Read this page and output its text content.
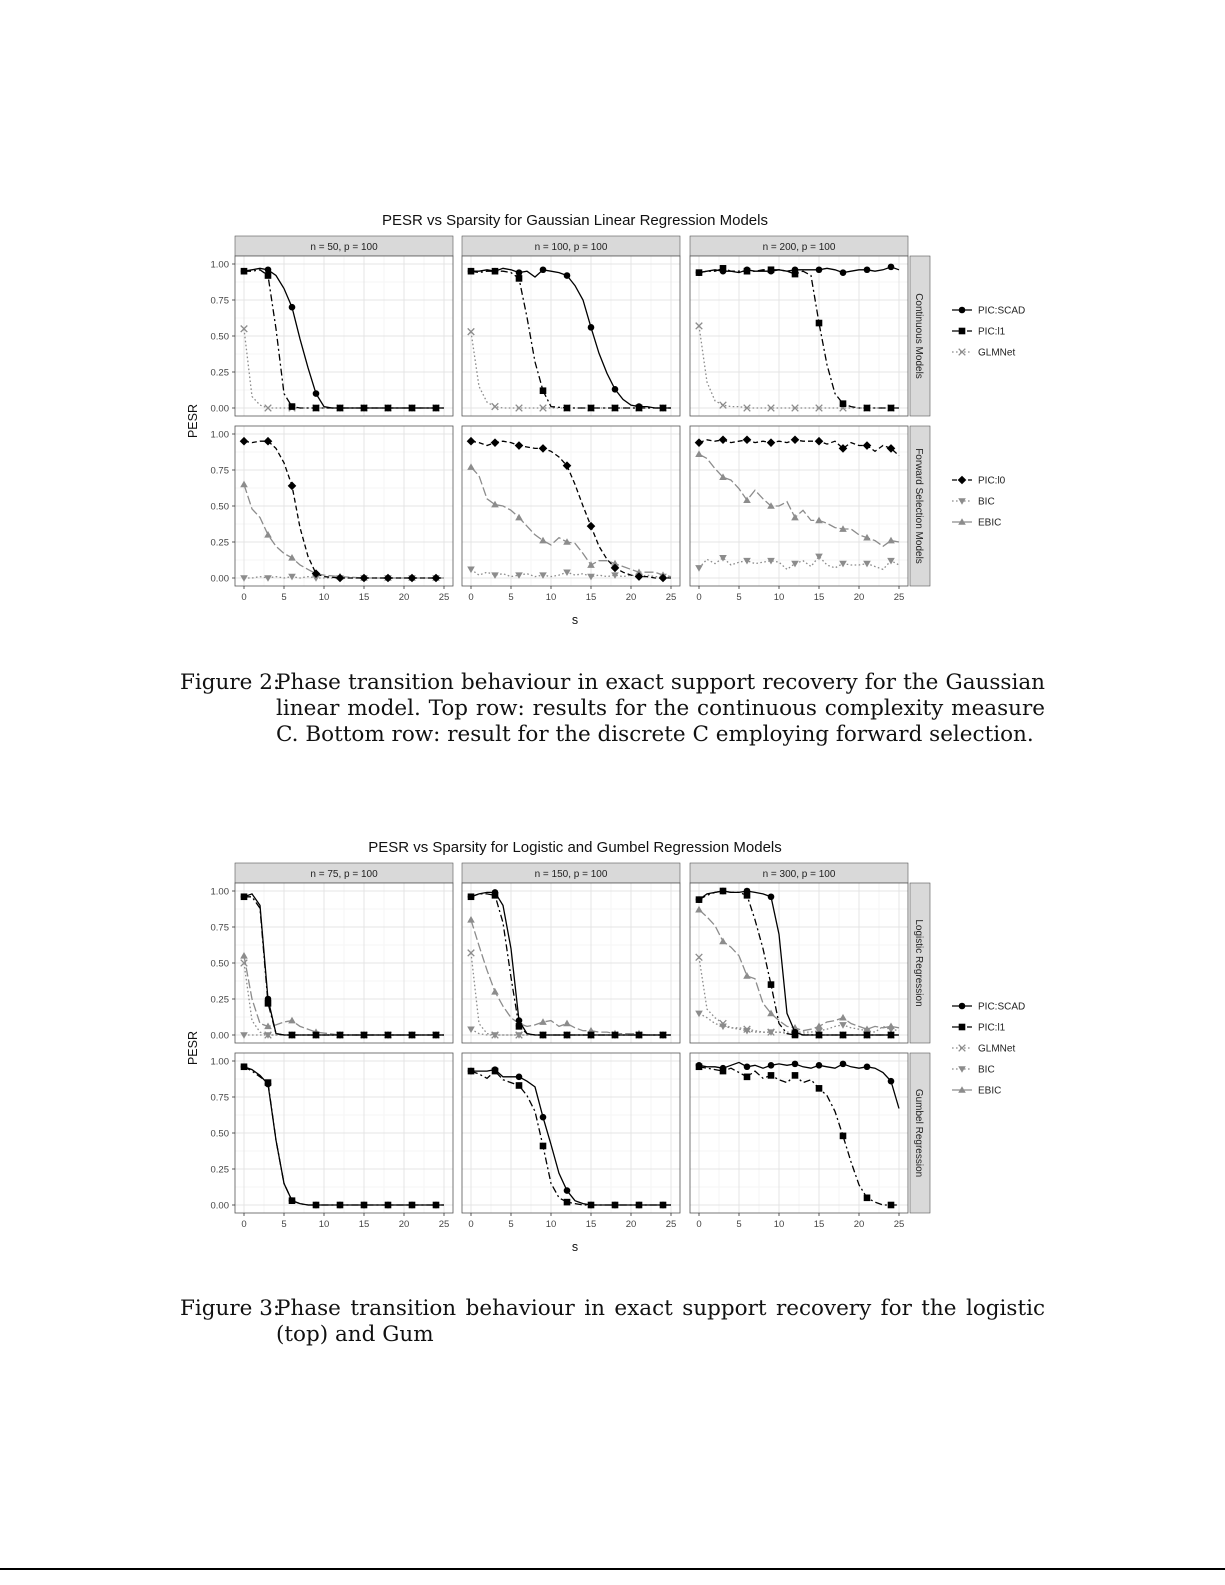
PESR vs Sparsity for Gaussian Linear Regression Models
n = 50, p = 100	n = 100, p = 100	n = 200, p = 100
Continuous Models
Forward Selection Models
PESR
s
0.00
0.25
0.50
0.75
1.00
0.00
0.25
0.50
0.75
1.00
0	5	10	15	20	25 0	5	10	15	20	25 0	5	10	15	20	25
PIC:SCAD
PIC:l1
GLMNet
PIC:l0
BIC
EBIC
PESR vs Sparsity for Logistic and Gumbel Regression Models
n = 75, p = 100	n = 150, p = 100	n = 300, p = 100
Logistic Regression
Gumbel Regression
PESR
s
0.00
0.25
0.50
0.75
1.00
0.00
0.25
0.50
0.75
1.00
0	5	10	15	20	25 0	5	10	15	20	25 0	5	10	15	20	25
PIC:SCAD
PIC:l1
GLMNet
BIC
EBIC
Figure 2:
Phase transition behaviour in exact support recovery for the Gaussian linear model. Top row: results for the continuous complexity measure C. Bottom row: result for the discrete C employing forward selection.
Figure 3:
Phase transition behaviour in exact support recovery for the logistic (top) and Gum
